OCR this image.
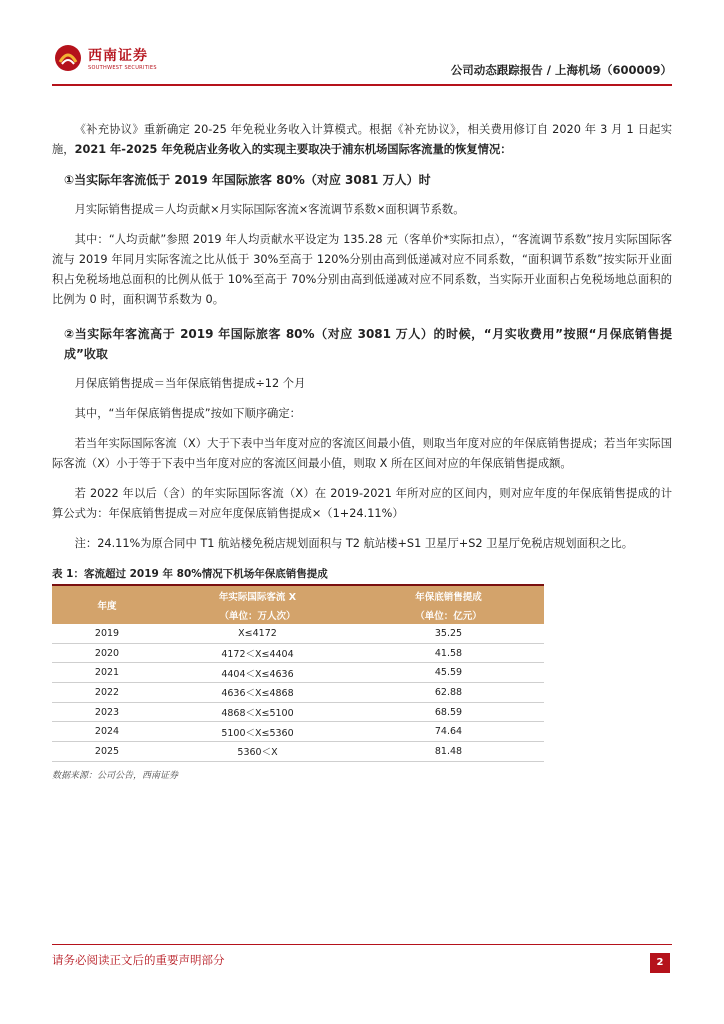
西南证券
SOUTHWEST SECURITIES	公司动态跟踪报告 / 上海机场（600009）

《补充协议》重新确定 20-25 年免税业务收入计算模式。根据《补充协议》，相关费用修订自 2020 年 3 月 1 日起实施，2021 年-2025 年免税店业务收入的实现主要取决于浦东机场国际客流量的恢复情况：

①当实际年客流低于 2019 年国际旅客 80%（对应 3081 万人）时

月实际销售提成＝人均贡献×月实际国际客流×客流调节系数×面积调节系数。

其中：“人均贡献”参照 2019 年人均贡献水平设定为 135.28 元（客单价*实际扣点），“客流调节系数”按月实际国际客流与 2019 年同月实际客流之比从低于 30%至高于 120%分别由高到低递减对应不同系数，“面积调节系数”按实际开业面积占免税场地总面积的比例从低于 10%至高于 70%分别由高到低递减对应不同系数，当实际开业面积占免税场地总面积的比例为 0 时，面积调节系数为 0。

②当实际年客流高于 2019 年国际旅客 80%（对应 3081 万人）的时候，“月实收费用”按照“月保底销售提成”收取

月保底销售提成＝当年保底销售提成÷12 个月

其中，“当年保底销售提成”按如下顺序确定：

若当年实际国际客流（X）大于下表中当年度对应的客流区间最小值，则取当年度对应的年保底销售提成；若当年实际国际客流（X）小于等于下表中当年度对应的客流区间最小值，则取 X 所在区间对应的年保底销售提成额。

若 2022 年以后（含）的年实际国际客流（X）在 2019-2021 年所对应的区间内，则对应年度的年保底销售提成的计算公式为：年保底销售提成＝对应年度保底销售提成×（1+24.11%）

注：24.11%为原合同中 T1 航站楼免税店规划面积与 T2 航站楼+S1 卫星厅+S2 卫星厅免税店规划面积之比。

表 1：客流超过 2019 年 80%情况下机场年保底销售提成
年度	年实际国际客流 X	年保底销售提成
	（单位：万人次）	（单位：亿元）
2019	X≤4172	35.25
2020	4172＜X≤4404	41.58
2021	4404＜X≤4636	45.59
2022	4636＜X≤4868	62.88
2023	4868＜X≤5100	68.59
2024	5100＜X≤5360	74.64
2025	5360＜X	81.48
数据来源：公司公告，西南证券
请务必阅读正文后的重要声明部分	2
